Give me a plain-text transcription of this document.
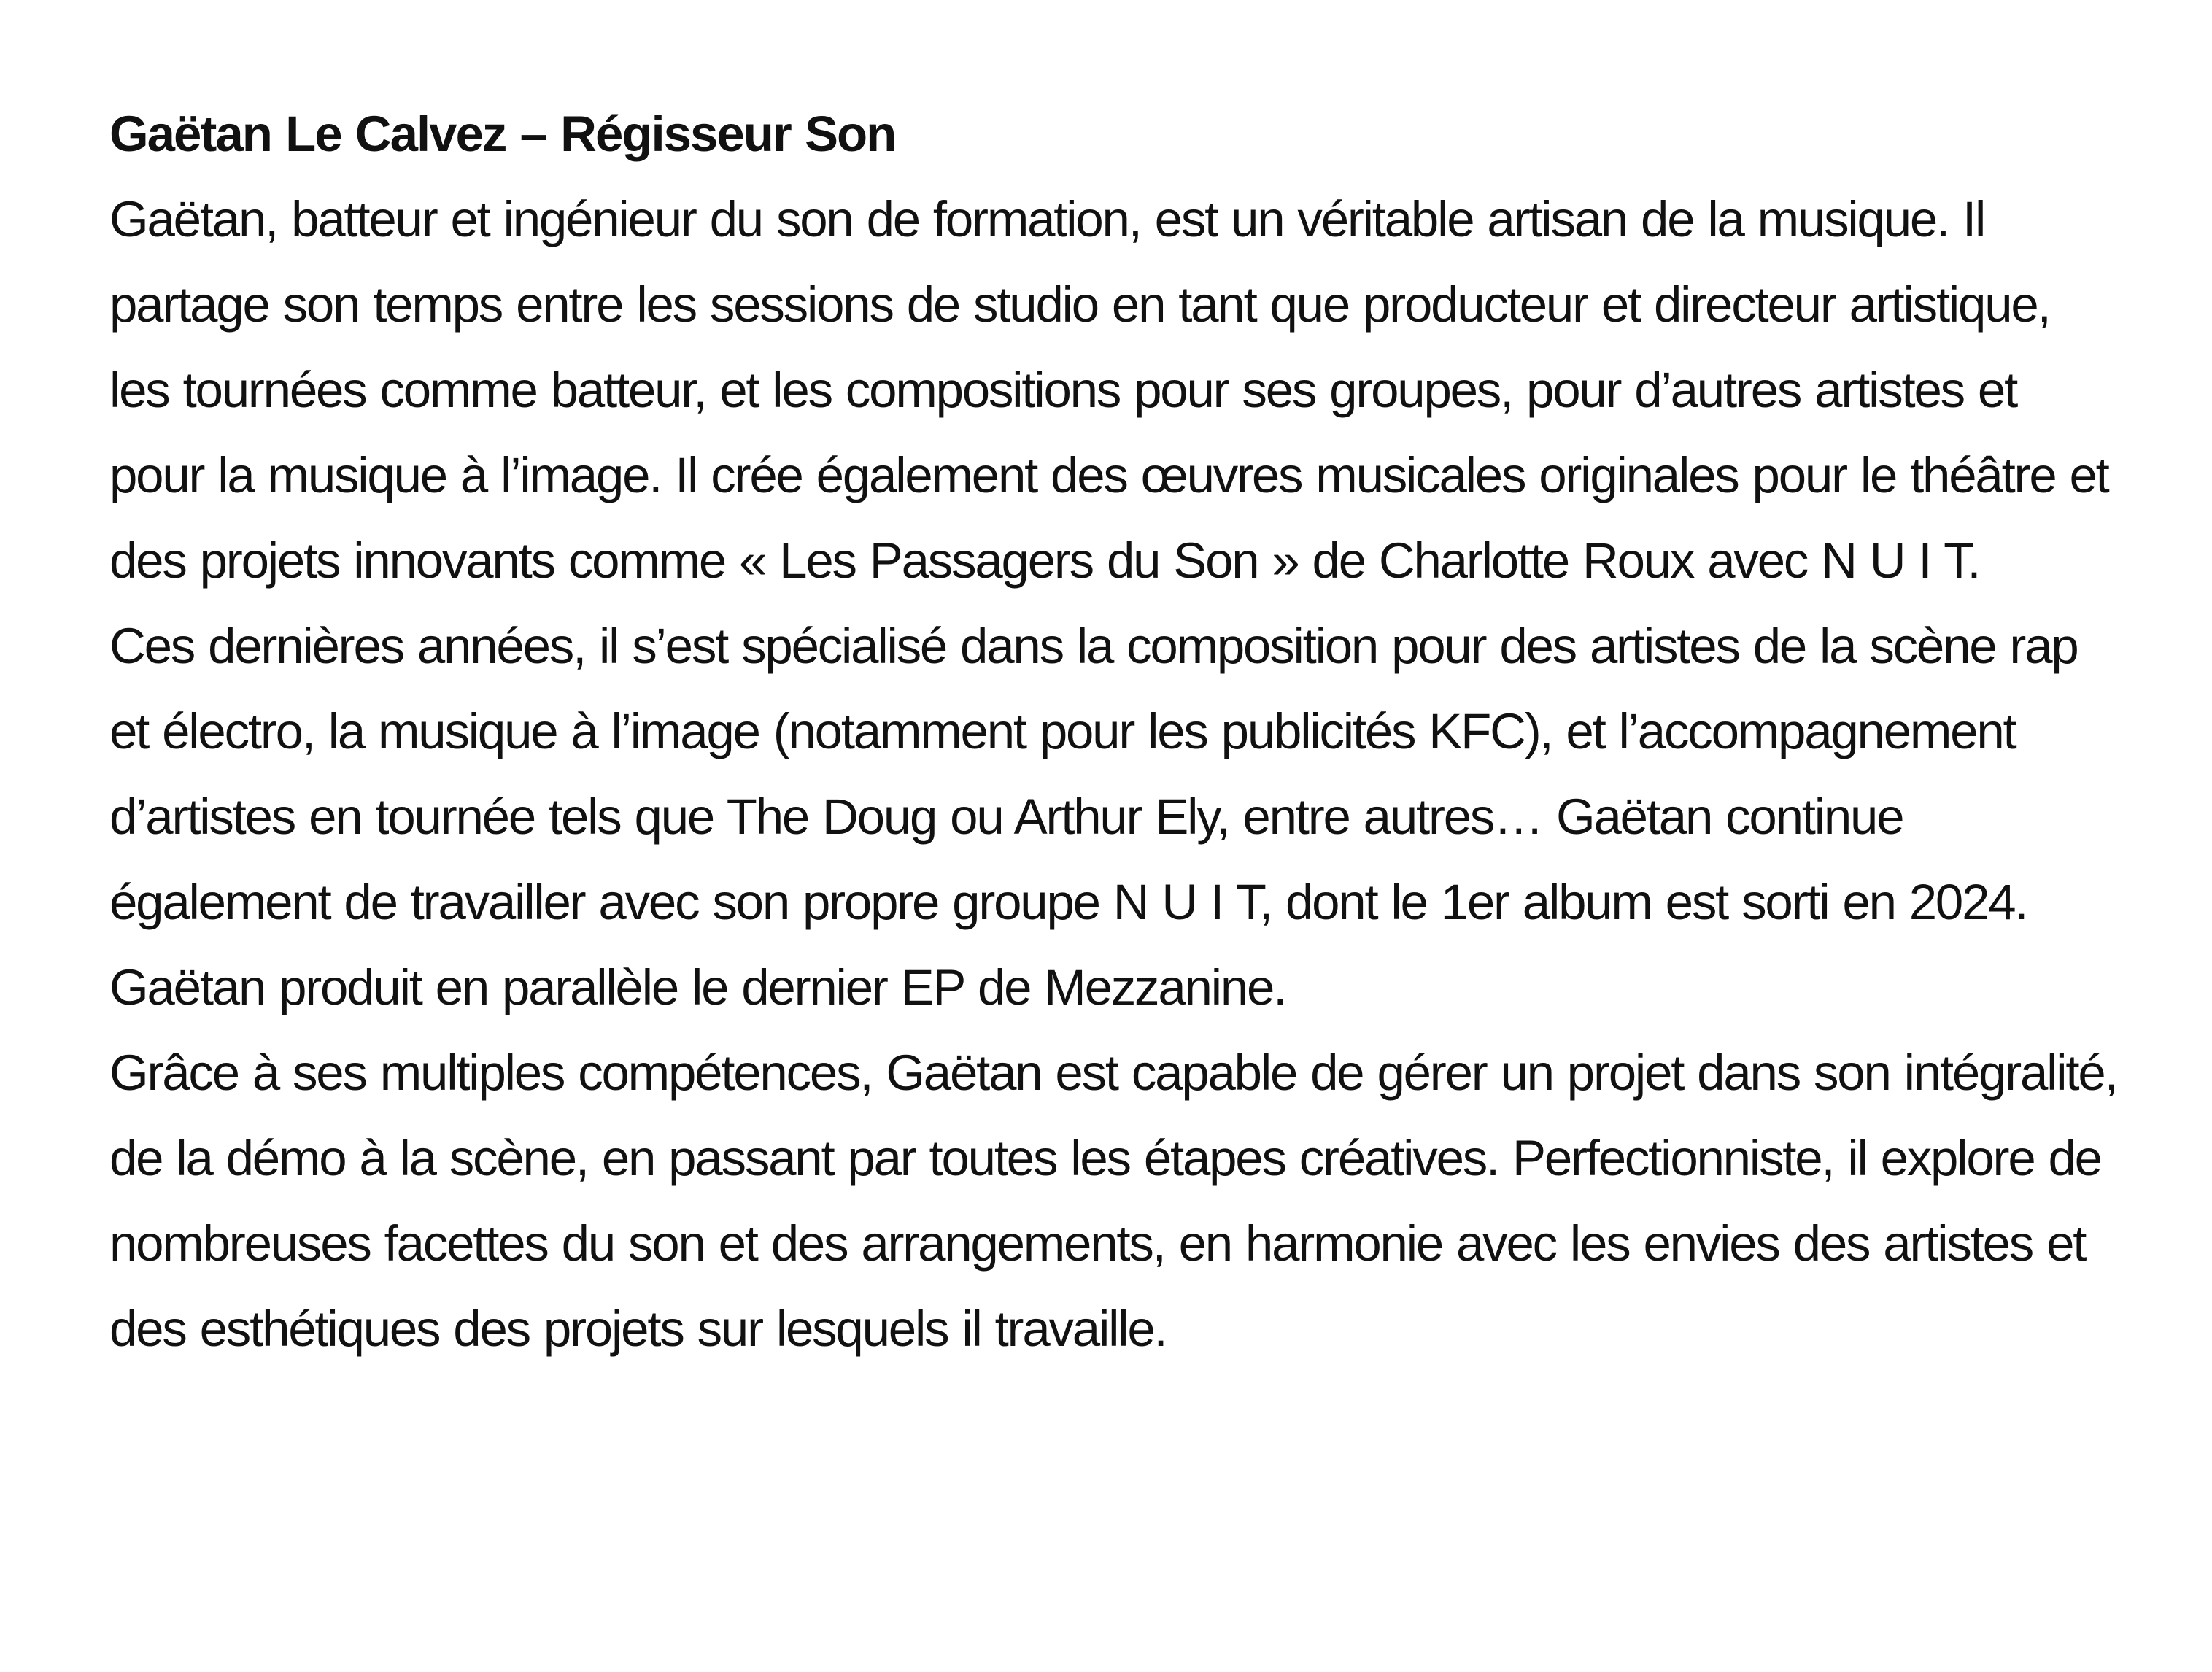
Gaëtan Le Calvez – Régisseur Son

Gaëtan, batteur et ingénieur du son de formation, est un véritable artisan de la musique. Il partage son temps entre les sessions de studio en tant que producteur et directeur artistique, les tournées comme batteur, et les compositions pour ses groupes, pour d’autres artistes et pour la musique à l’image. Il crée également des œuvres musicales originales pour le théâtre et des projets innovants comme « Les Passagers du Son » de Charlotte Roux avec N U I T.

Ces dernières années, il s’est spécialisé dans la composition pour des artistes de la scène rap et électro, la musique à l’image (notamment pour les publicités KFC), et l’accompagnement d’artistes en tournée tels que The Doug ou Arthur Ely, entre autres… Gaëtan continue également de travailler avec son propre groupe N U I T, dont le 1er album est sorti en 2024. Gaëtan produit en parallèle le dernier EP de Mezzanine.

Grâce à ses multiples compétences, Gaëtan est capable de gérer un projet dans son intégralité, de la démo à la scène, en passant par toutes les étapes créatives. Perfectionniste, il explore de nombreuses facettes du son et des arrangements, en harmonie avec les envies des artistes et des esthétiques des projets sur lesquels il travaille.
